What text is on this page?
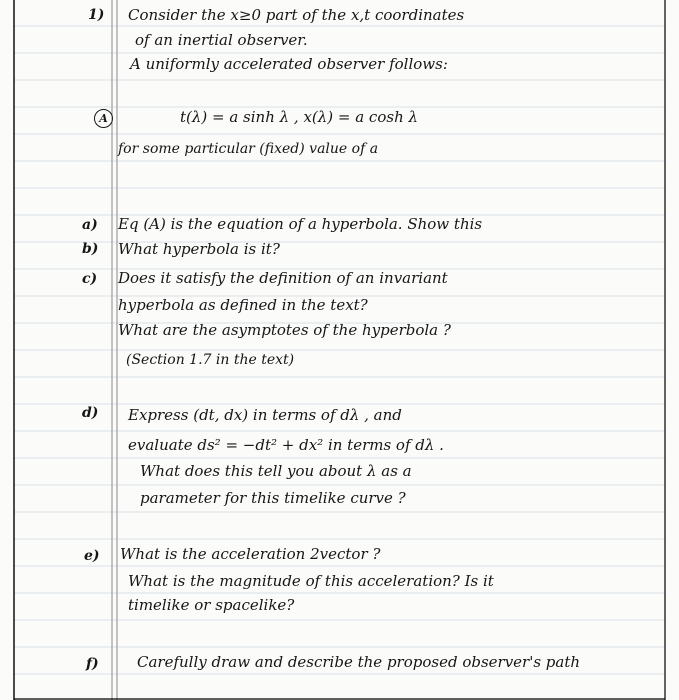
1) Consider the x≥0 part of the x,t coordinates
of an inertial observer.
A uniformly accelerated observer follows:
A	t(λ) = a sinh λ , x(λ) = a cosh λ
for some particular (fixed) value of a
a) Eq (A) is the equation of a hyperbola. Show this
b) What hyperbola is it?
c) Does it satisfy the definition of an invariant
hyperbola as defined in the text?
What are the asymptotes of the hyperbola ?
(Section 1.7 in the text)
d) Express (dt, dx) in terms of dλ , and
evaluate ds² = −dt² + dx² in terms of dλ .
What does this tell you about λ as a
parameter for this timelike curve ?
e) What is the acceleration 2vector ?
What is the magnitude of this acceleration? Is it
timelike or spacelike?
f)	Carefully draw and describe the proposed observer's path
